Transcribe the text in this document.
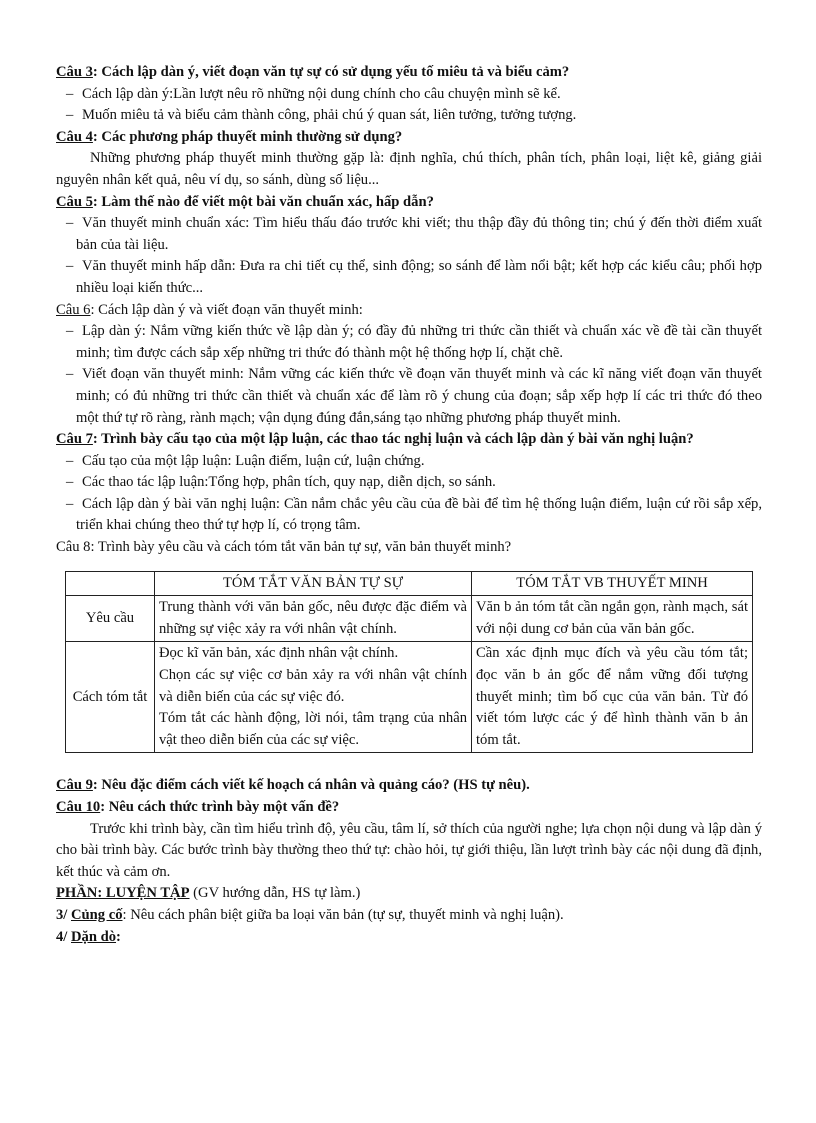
Câu 3: Cách lập dàn ý, viết đoạn văn tự sự có sử dụng yếu tố miêu tả và biểu cảm?

– Cách lập dàn ý:Lần lượt nêu rõ những nội dung chính cho câu chuyện mình sẽ kể.

– Muốn miêu tả và biểu cảm thành công, phải chú ý quan sát, liên tưởng, tưởng tượng.

Câu 4: Các phương pháp thuyết minh thường sử dụng?

Những phương pháp thuyết minh thường gặp là: định nghĩa, chú thích, phân tích, phân loại, liệt kê, giảng giải nguyên nhân kết quả, nêu ví dụ, so sánh, dùng số liệu...

Câu 5: Làm thế nào để viết một bài văn chuẩn xác, hấp dẫn?

– Văn thuyết minh chuẩn xác: Tìm hiểu thấu đáo trước khi viết; thu thập đầy đủ thông tin; chú ý đến thời điểm xuất bản của tài liệu.

– Văn thuyết minh hấp dẫn: Đưa ra chi tiết cụ thể, sinh động; so sánh để làm nổi bật; kết hợp các kiểu câu; phối hợp nhiều loại kiến thức...

Câu 6: Cách lập dàn ý và viết đoạn văn thuyết minh:

– Lập dàn ý: Nắm vững kiến thức về lập dàn ý; có đầy đủ những tri thức cần thiết và chuẩn xác về đề tài cần thuyết minh; tìm được cách sắp xếp những tri thức đó thành một hệ thống hợp lí, chặt chẽ.

– Viết đoạn văn thuyết minh: Nắm vững các kiến thức về đoạn văn thuyết minh và các kĩ năng viết đoạn văn thuyết minh; có đủ những tri thức cần thiết và chuẩn xác để làm rõ ý chung của đoạn; sắp xếp hợp lí các tri thức đó theo một thứ tự rõ ràng, rành mạch; vận dụng đúng đắn,sáng tạo những phương pháp thuyết minh.

Câu 7: Trình bày cấu tạo của một lập luận, các thao tác nghị luận và cách lập dàn ý bài văn nghị luận?

– Cấu tạo của một lập luận: Luận điểm, luận cứ, luận chứng.

– Các thao tác lập luận:Tổng hợp, phân tích, quy nạp, diễn dịch, so sánh.

– Cách lập dàn ý bài văn nghị luận: Cần nắm chắc yêu cầu của đề bài để tìm hệ thống luận điểm, luận cứ rồi sắp xếp, triển khai chúng theo thứ tự hợp lí, có trọng tâm.

Câu 8: Trình bày yêu cầu và cách tóm tắt văn bản tự sự, văn bản thuyết minh?

	TÓM TẮT VĂN BẢN TỰ SỰ	TÓM TẮT VB THUYẾT MINH
Yêu cầu	Trung thành với văn bản gốc, nêu được đặc điểm và những sự việc xảy ra với nhân vật chính.	Văn b ản tóm tắt cần ngắn gọn, rành mạch, sát với nội dung cơ bản của văn bản gốc.
Cách tóm tắt	Đọc kĩ văn bản, xác định nhân vật chính.
Chọn các sự việc cơ bản xảy ra với nhân vật chính và diễn biến của các sự việc đó.
Tóm tắt các hành động, lời nói, tâm trạng của nhân vật theo diễn biến của các sự việc.	Cần xác định mục đích và yêu cầu tóm tắt; đọc văn b ản gốc để nắm vững đối tượng thuyết minh; tìm bố cục của văn bản. Từ đó viết tóm lược các ý để hình thành văn b ản tóm tắt.

Câu 9: Nêu đặc điểm cách viết kế hoạch cá nhân và quảng cáo? (HS tự nêu).

Câu 10: Nêu cách thức trình bày một vấn đề?

Trước khi trình bày, cần tìm hiểu trình độ, yêu cầu, tâm lí, sở thích của người nghe; lựa chọn nội dung và lập dàn ý cho bài trình bày. Các bước trình bày thường theo thứ tự: chào hỏi, tự giới thiệu, lần lượt trình bày các nội dung đã định, kết thúc và cảm ơn.

PHẦN: LUYỆN TẬP (GV hướng dẫn, HS tự làm.)

3/ Củng cố: Nêu cách phân biệt giữa ba loại văn bản (tự sự, thuyết minh và nghị luận).

4/ Dặn dò:
